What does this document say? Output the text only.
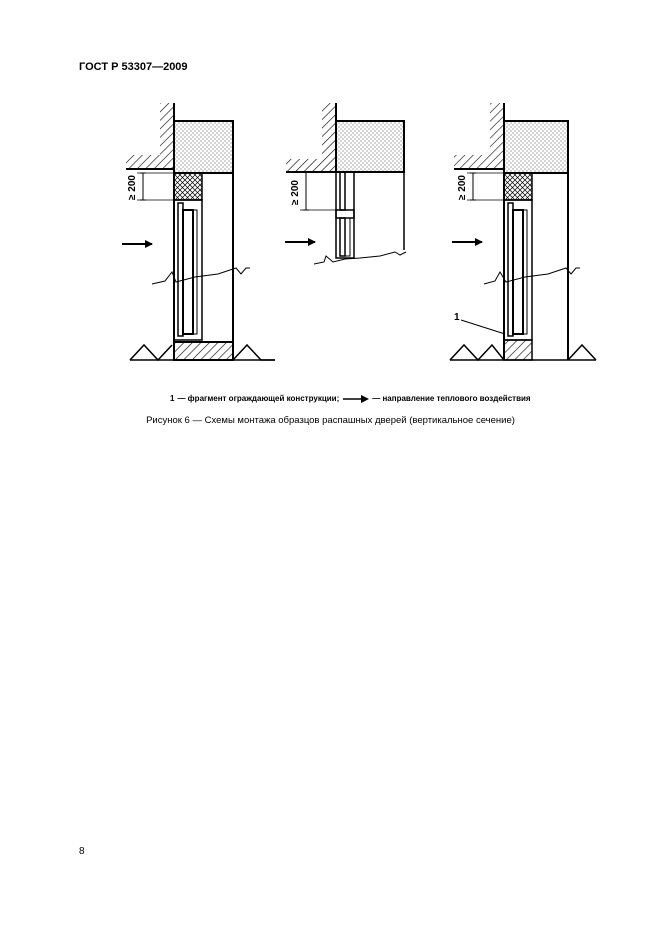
ГОСТ Р 53307—2009
≥ 200	≥ 200
1
≥ 200
1 — фрагмент ограждающей конструкции;	— направление теплового воздействия
Рисунок 6 — Схемы монтажа образцов распашных дверей (вертикальное сечение)
8
